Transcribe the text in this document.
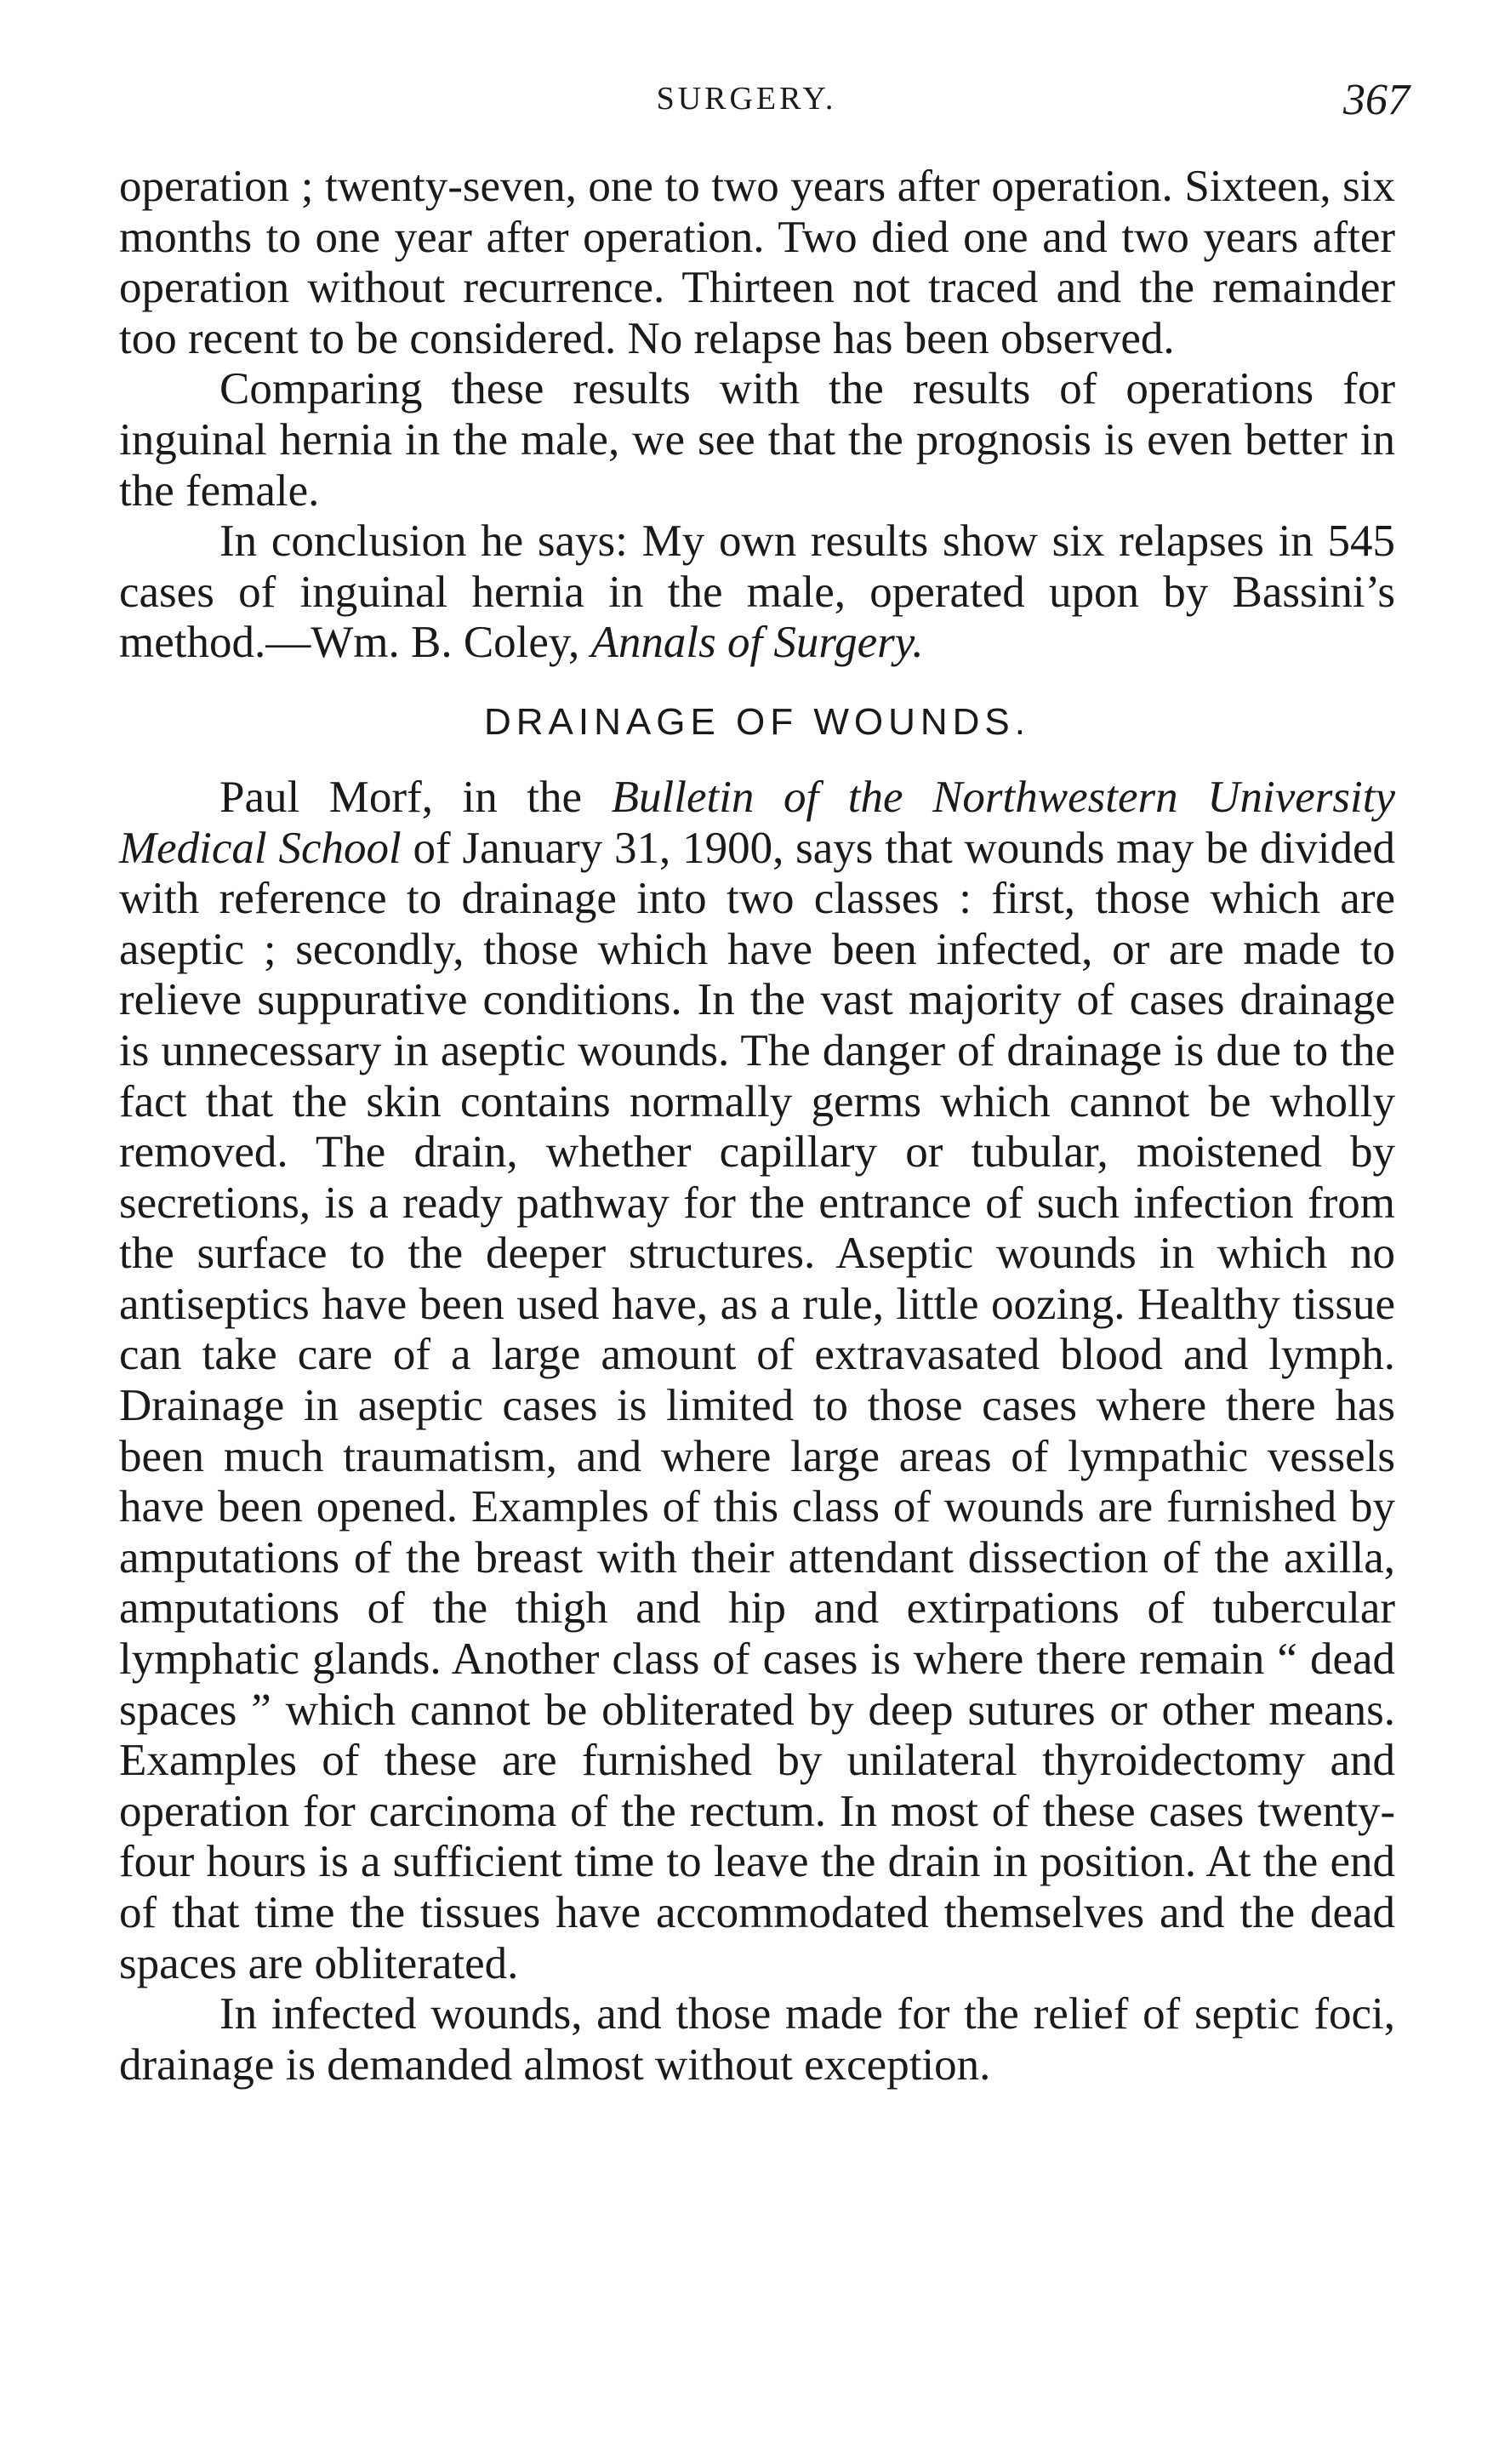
SURGERY.	367

operation ; twenty-seven, one to two years after operation. Sixteen, six months to one year after operation. Two died one and two years after operation without recurrence. Thirteen not traced and the remainder too recent to be considered. No relapse has been observed.

Comparing these results with the results of operations for inguinal hernia in the male, we see that the prognosis is even better in the female.

In conclusion he says: My own results show six relapses in 545 cases of inguinal hernia in the male, operated upon by Bassini’s method.—Wm. B. Coley, Annals of Surgery.

DRAINAGE OF WOUNDS.

Paul Morf, in the Bulletin of the Northwestern University Medical School of January 31, 1900, says that wounds may be divided with reference to drainage into two classes : first, those which are aseptic ; secondly, those which have been infected, or are made to relieve suppurative conditions. In the vast majority of cases drainage is unnecessary in aseptic wounds. The danger of drainage is due to the fact that the skin contains normally germs which cannot be wholly removed. The drain, whether capillary or tubular, moistened by secretions, is a ready pathway for the entrance of such infection from the surface to the deeper structures. Aseptic wounds in which no antiseptics have been used have, as a rule, little oozing. Healthy tissue can take care of a large amount of extravasated blood and lymph. Drainage in aseptic cases is limited to those cases where there has been much traumatism, and where large areas of lympathic vessels have been opened. Examples of this class of wounds are furnished by amputations of the breast with their attendant dissection of the axilla, amputations of the thigh and hip and extirpations of tubercular lymphatic glands. Another class of cases is where there remain “ dead spaces ” which cannot be obliterated by deep sutures or other means. Examples of these are furnished by unilateral thyroidectomy and operation for carcinoma of the rectum. In most of these cases twenty-four hours is a sufficient time to leave the drain in position. At the end of that time the tissues have accommodated themselves and the dead spaces are obliterated.

In infected wounds, and those made for the relief of septic foci, drainage is demanded almost without exception.
